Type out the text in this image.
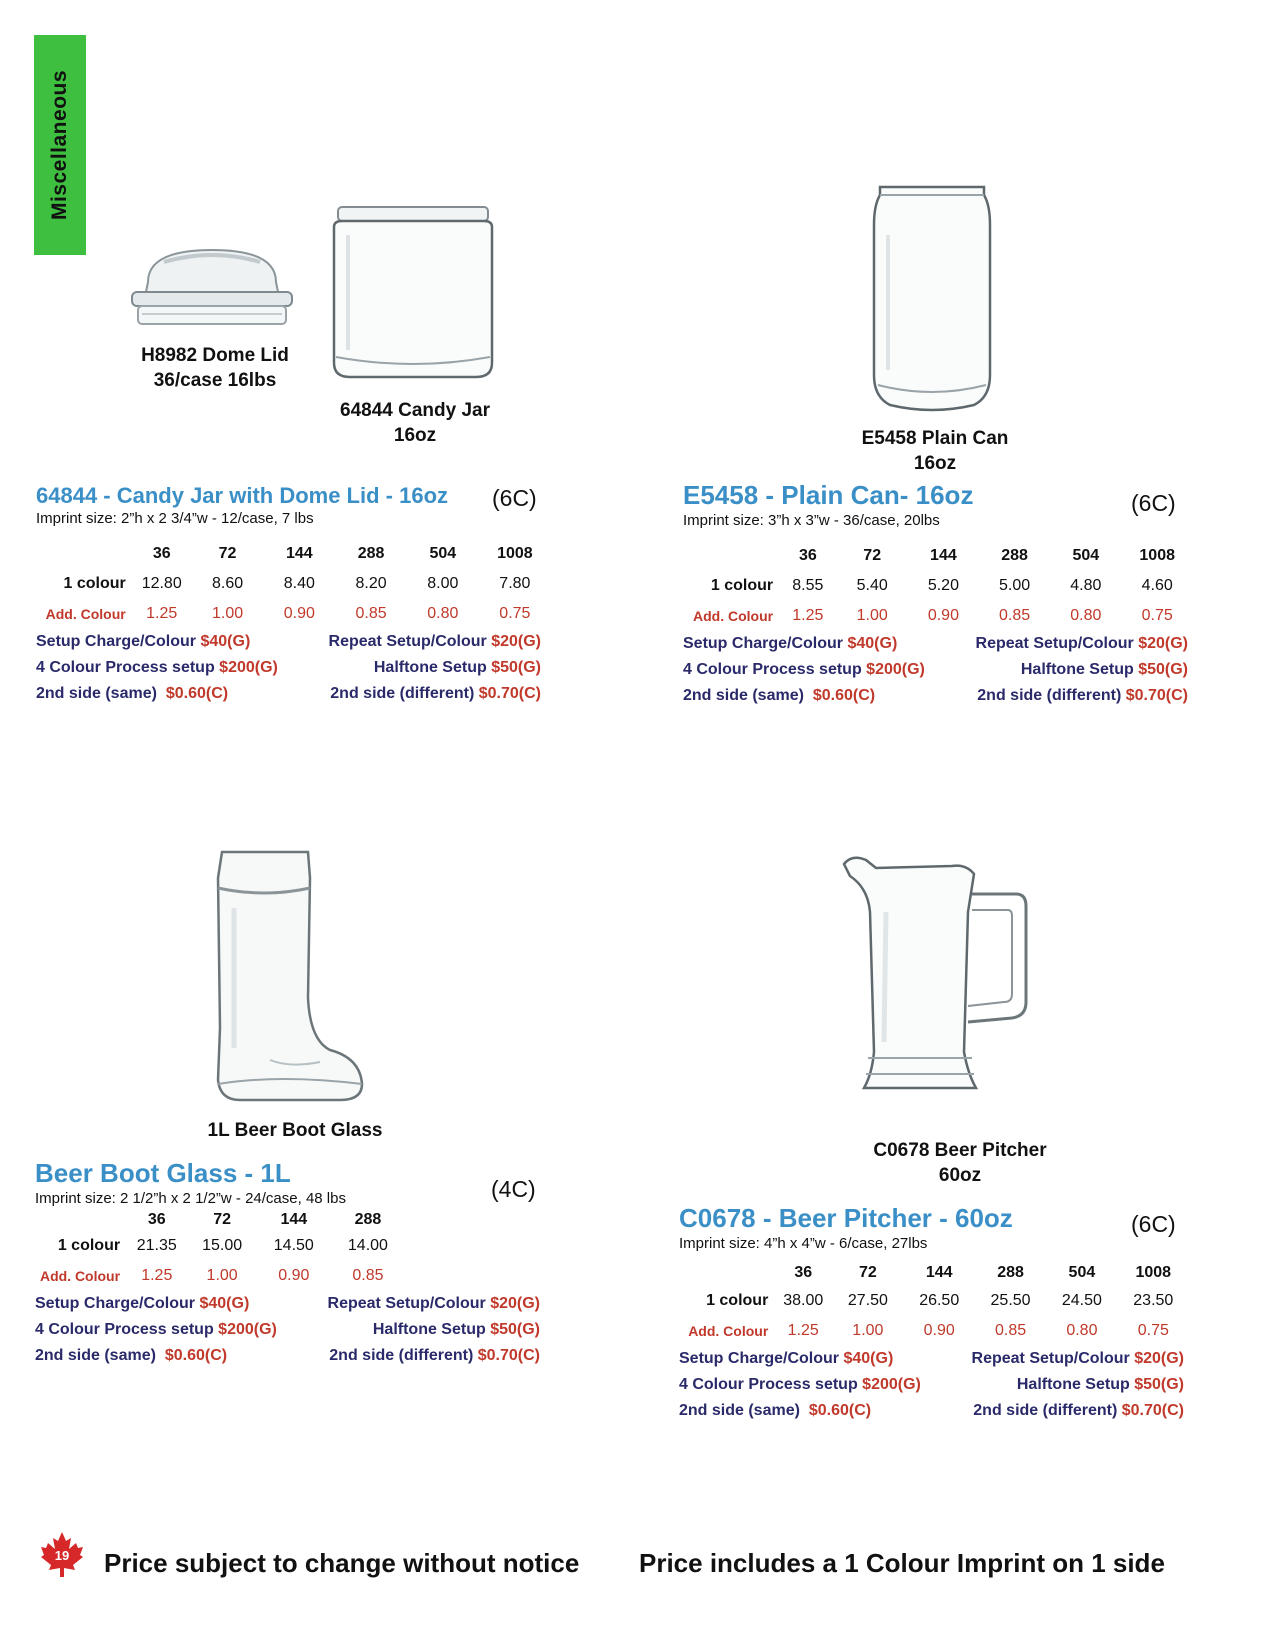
Miscellaneous
H8982 Dome Lid
36/case 16lbs
64844 Candy Jar
16oz	E5458 Plain Can
16oz
1L Beer Boot Glass
C0678 Beer Pitcher
60oz
64844 - Candy Jar with Dome Lid - 16oz	(6C)
Imprint size: 2”h x 2 3/4”w - 12/case, 7 lbs
	36	72	144	288	504	1008
1 colour	12.80	8.60	8.40	8.20	8.00	7.80
Add. Colour	1.25	1.00	0.90	0.85	0.80	0.75
Setup Charge/Colour $40(G)	Repeat Setup/Colour $20(G)
4 Colour Process setup $200(G)	Halftone Setup $50(G)
2nd side (same) $0.60(C)	2nd side (different) $0.70(C)
E5458 - Plain Can- 16oz	(6C)
Imprint size: 3”h x 3”w - 36/case, 20lbs
	36	72	144	288	504	1008
1 colour	8.55	5.40	5.20	5.00	4.80	4.60
Add. Colour	1.25	1.00	0.90	0.85	0.80	0.75
Setup Charge/Colour $40(G)	Repeat Setup/Colour $20(G)
4 Colour Process setup $200(G)	Halftone Setup $50(G)
2nd side (same) $0.60(C)	2nd side (different) $0.70(C)
Beer Boot Glass - 1L
(4C)
Imprint size: 2 1/2”h x 2 1/2”w - 24/case, 48 lbs
	36	72	144	288
1 colour	21.35	15.00	14.50	14.00
Add. Colour	1.25	1.00	0.90	0.85
Setup Charge/Colour $40(G)	Repeat Setup/Colour $20(G)
4 Colour Process setup $200(G)	Halftone Setup $50(G)
2nd side (same) $0.60(C)	2nd side (different) $0.70(C)
C0678 - Beer Pitcher - 60oz	(6C)
Imprint size: 4”h x 4”w - 6/case, 27lbs
	36	72	144	288	504	1008
1 colour	38.00	27.50	26.50	25.50	24.50	23.50
Add. Colour	1.25	1.00	0.90	0.85	0.80	0.75
Setup Charge/Colour $40(G)	Repeat Setup/Colour $20(G)
4 Colour Process setup $200(G)	Halftone Setup $50(G)
2nd side (same) $0.60(C)	2nd side (different) $0.70(C)
19 Price subject to change without notice Price includes a 1 Colour Imprint on 1 side
